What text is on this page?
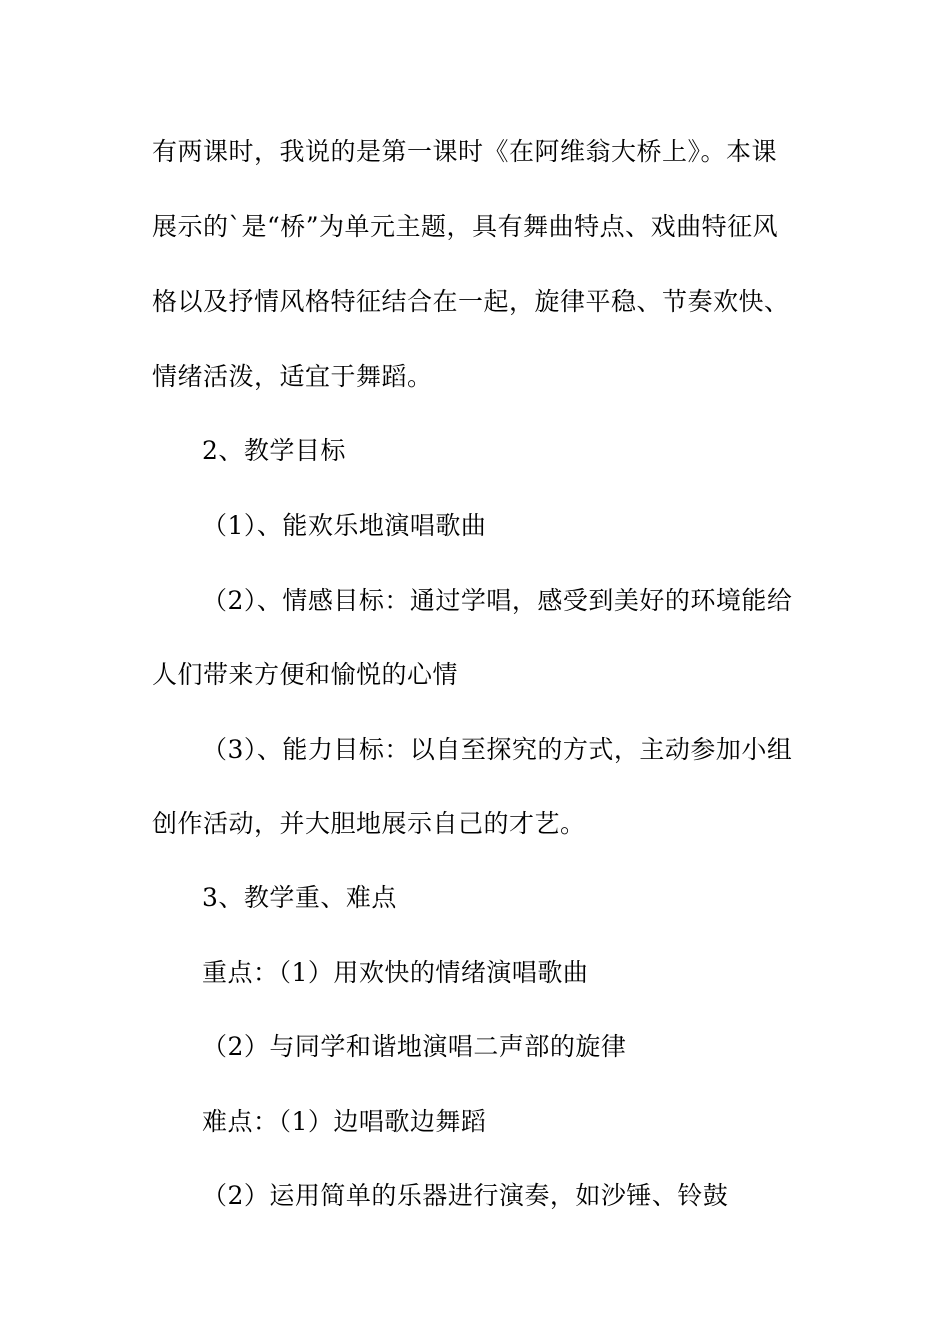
有两课时，我说的是第一课时《在阿维翁大桥上》。本课
展示的`是“桥”为单元主题，具有舞曲特点、戏曲特征风
格以及抒情风格特征结合在一起，旋律平稳、节奏欢快、
情绪活泼，适宜于舞蹈。
2、教学目标
（1）、能欢乐地演唱歌曲
（2）、情感目标：通过学唱，感受到美好的环境能给
人们带来方便和愉悦的心情
（3）、能力目标：以自至探究的方式，主动参加小组
创作活动，并大胆地展示自己的才艺。
3、教学重、难点
重点：（1）用欢快的情绪演唱歌曲
（2）与同学和谐地演唱二声部的旋律
难点：（1）边唱歌边舞蹈
（2）运用简单的乐器进行演奏，如沙锤、铃鼓
